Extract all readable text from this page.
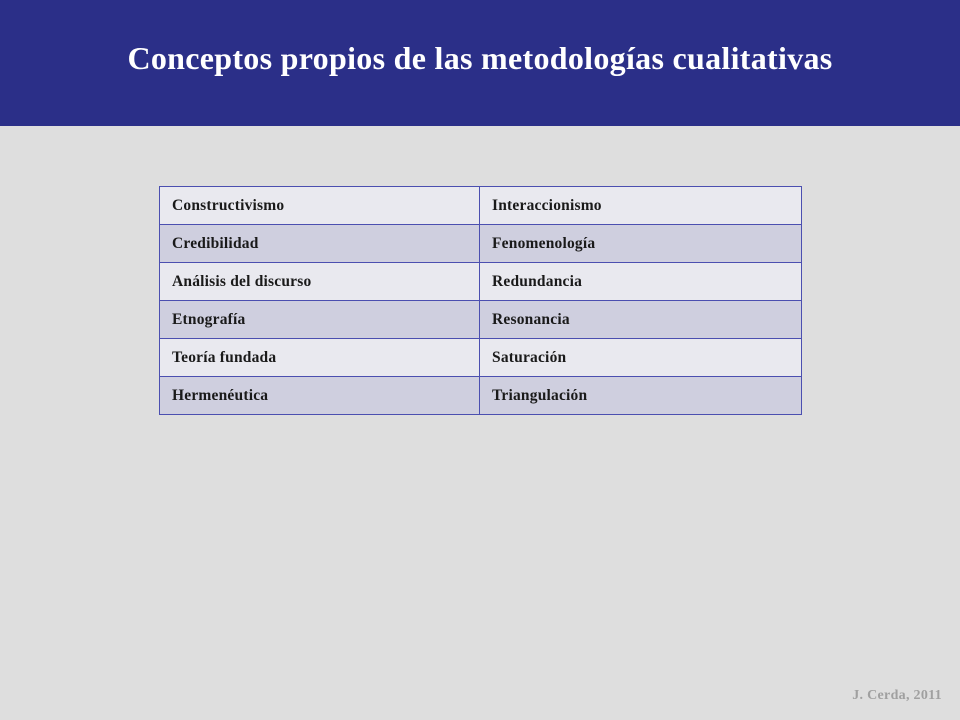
Conceptos propios de las metodologías cualitativas
Constructivismo	Interaccionismo
Credibilidad	Fenomenología
Análisis del discurso	Redundancia
Etnografía	Resonancia
Teoría fundada	Saturación
Hermenéutica	Triangulación
J. Cerda, 2011
